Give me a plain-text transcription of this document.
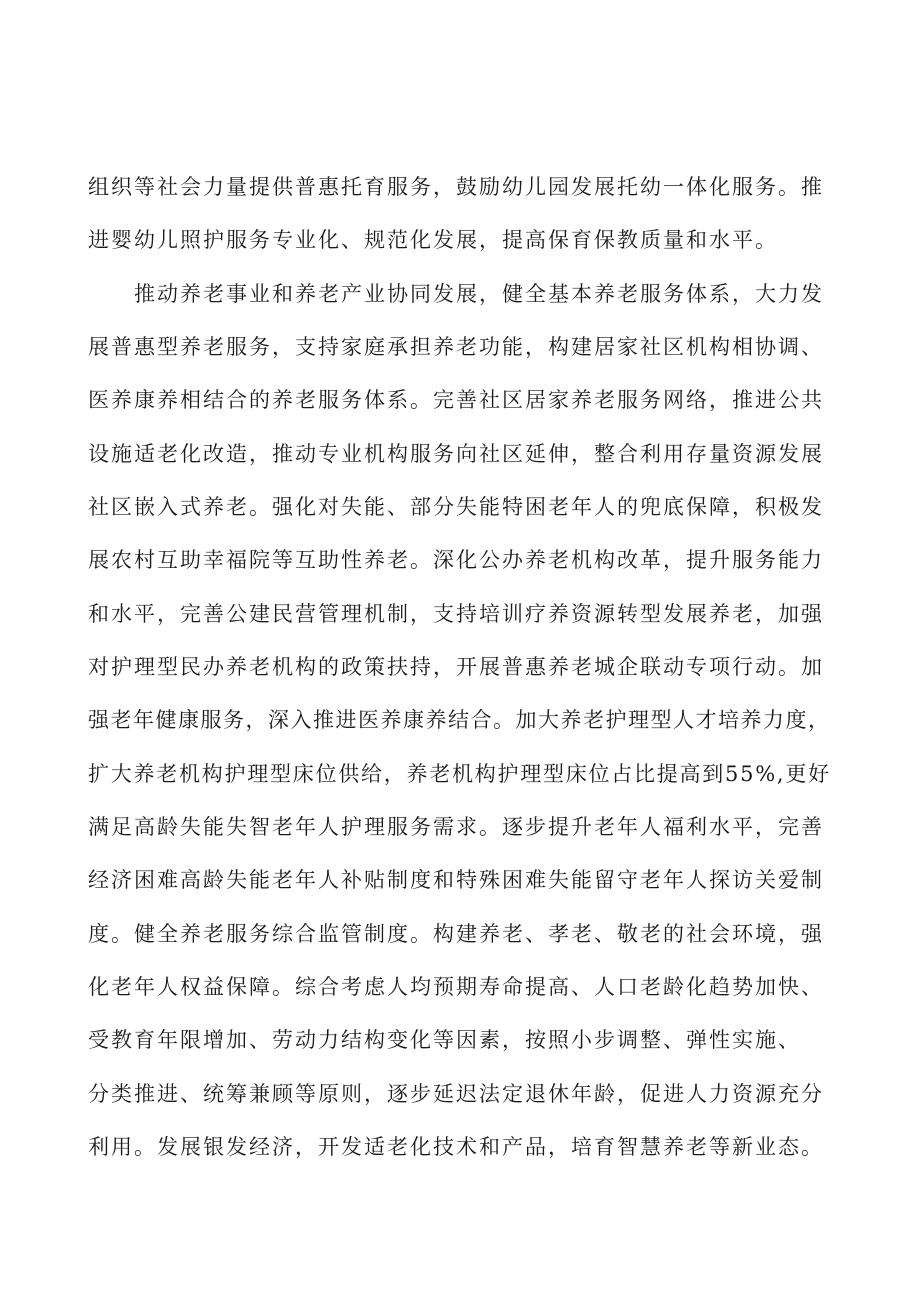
组织等社会力量提供普惠托育服务，鼓励幼儿园发展托幼一体化服务。推
进婴幼儿照护服务专业化、规范化发展，提高保育保教质量和水平。
推动养老事业和养老产业协同发展，健全基本养老服务体系，大力发
展普惠型养老服务，支持家庭承担养老功能，构建居家社区机构相协调、
医养康养相结合的养老服务体系。完善社区居家养老服务网络，推进公共
设施适老化改造，推动专业机构服务向社区延伸，整合利用存量资源发展
社区嵌入式养老。强化对失能、部分失能特困老年人的兜底保障，积极发
展农村互助幸福院等互助性养老。深化公办养老机构改革，提升服务能力
和水平，完善公建民营管理机制，支持培训疗养资源转型发展养老，加强
对护理型民办养老机构的政策扶持，开展普惠养老城企联动专项行动。加
强老年健康服务，深入推进医养康养结合。加大养老护理型人才培养力度，
扩大养老机构护理型床位供给，养老机构护理型床位占比提高到55%,更好
满足高龄失能失智老年人护理服务需求。逐步提升老年人福利水平，完善
经济困难高龄失能老年人补贴制度和特殊困难失能留守老年人探访关爱制
度。健全养老服务综合监管制度。构建养老、孝老、敬老的社会环境，强
化老年人权益保障。综合考虑人均预期寿命提高、人口老龄化趋势加快、
受教育年限增加、劳动力结构变化等因素，按照小步调整、弹性实施、
分类推进、统筹兼顾等原则，逐步延迟法定退休年龄，促进人力资源充分
利用。发展银发经济，开发适老化技术和产品，培育智慧养老等新业态。
